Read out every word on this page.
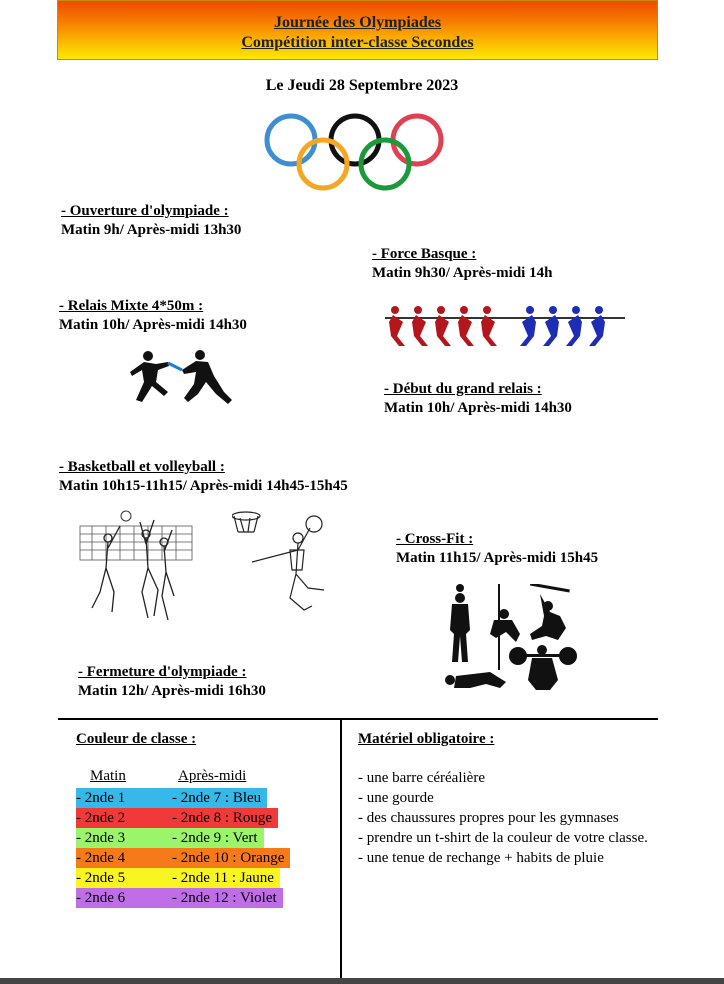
Journée des Olympiades
Compétition inter-classe Secondes
Le Jeudi 28 Septembre 2023
- Ouverture d'olympiade :
Matin 9h/ Après-midi 13h30
- Force Basque :
Matin 9h30/ Après-midi 14h
- Relais Mixte 4*50m :
Matin 10h/ Après-midi 14h30
- Début du grand relais :
Matin 10h/ Après-midi 14h30
- Basketball et volleyball :
Matin 10h15-11h15/ Après-midi 14h45-15h45
- Cross-Fit :
Matin 11h15/ Après-midi 15h45
- Fermeture d'olympiade :
Matin 12h/ Après-midi 16h30
Couleur de classe :
Matin	Après-midi
- 2nde 1	- 2nde 7 : Bleu
- 2nde 2	- 2nde 8 : Rouge
- 2nde 3	- 2nde 9 : Vert
- 2nde 4	- 2nde 10 : Orange
- 2nde 5	- 2nde 11 : Jaune
- 2nde 6	- 2nde 12 : Violet
Matériel obligatoire :
- une barre céréalière
- une gourde
- des chaussures propres pour les gymnases
- prendre un t-shirt de la couleur de votre classe.
- une tenue de rechange + habits de pluie
